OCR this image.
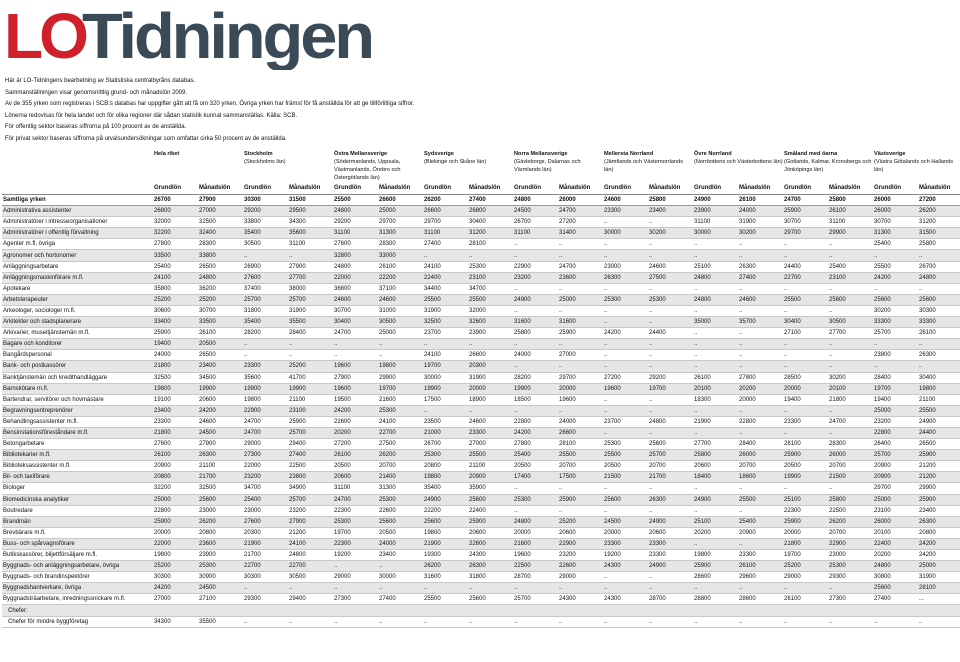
LO
Tidningen
Här är LO-Tidningens bearbetning av Statistiska centralbyråns databas.
Sammanställningen visar genomsnittlig grund- och månadslön 2009.
Av de 355 yrken som registreras i SCB:s databas har uppgifter gått att få om 320 yrken. Övriga yrken har främst för få anställda för att ge tillförlitliga siffror.
Lönerna redovisas för hela landet och för olika regioner där sådan statistik kunnat sammanställas. Källa: SCB.
För offentlig sektor baseras siffrorna på 100 procent av de anställda.
För privat sektor baseras siffrorna på urvalsundersökningar som omfattar cirka 50 procent av de anställda.

	Hela riket		Stockholm
(Stockholms län)		Östra Mellansverige
(Södermanlands, Uppsala, Västmanlands, Örebro och Östergötlands län)		Sydsverige
(Blekinge och Skåne län)		Norra Mellansverige
(Gävleborgs, Dalarnas och Värmlands län)		Mellersta Norrland
(Jämtlands och Västernorrlands län)		Övre Norrland
(Norrbottens och Västerbottens län)		Småland med öarna
(Gotlands, Kalmar, Kronobergs och Jönköpings län)		Västsverige
(Västra Götalands och Hallands län)	
	Grundlön	Månadslön	Grundlön	Månadslön	Grundlön	Månadslön	Grundlön	Månadslön	Grundlön	Månadslön	Grundlön	Månadslön	Grundlön	Månadslön	Grundlön	Månadslön	Grundlön	Månadslön
Samtliga yrken	26700	27900	30300	31500	25500	26600	26200	27400	24800	26000	24600	25800	24900	26100	24700	25800	26000	27200
Administrativa assistenter	26800	27000	29200	29500	24800	25000	26600	26800	24500	24700	23300	23400	23900	24000	25900	26100	26000	26200
Administratörer i intresseorganisationer	32000	32500	33800	34300	29200	29700	29700	30400	26700	27200	..	..	31100	31900	30700	31100	30700	31200
Administratörer i offentlig förvaltning	32200	32400	35400	35600	31100	31300	31100	31200	31100	31400	30000	30200	30000	30200	29700	29900	31300	31500
Agenter m.fl, övriga	27800	28300	30500	31100	27600	28300	27400	28100	..	..	..	..	..	..	..	..	25400	25800
Agronomer och hortonomer	33500	33800	..	..	32800	33000	..	..	..	..	..	..	..	..	..	..	..	..
Anläggningsarbetare	25400	26500	26900	27900	24800	26100	24100	25300	22900	24700	23000	24600	25100	26300	24400	25400	25500	26700
Anläggningsmaskinförare m.fl.	24100	24800	27600	27700	22000	22200	22400	23100	23200	23600	26300	27500	24800	27400	22700	23100	24200	24800
Apotekare	35800	36200	37400	38000	36800	37100	34400	34700	..	..	..	..	..	..	..	..	..	..
Arbetsterapeuter	25200	25200	25700	25700	24600	24600	25500	25500	24900	25000	25300	25300	24800	24600	25500	25600	25600	25600
Arkeologer, sociologer m.fl.	30600	30700	31800	31900	30700	31000	31900	32000	..	..	..	..	..	..	..	..	30200	30300
Arkitekter och stadsplanerare	33400	33500	35400	35500	30400	30500	32500	32600	31600	31600	..	..	35000	35700	30400	30500	33300	33300
Arkivarier, museitjänstemän m.fl.	25900	26100	28200	28400	24700	25000	23700	23900	25800	25900	24200	24400	..	..	27100	27700	25700	26100
Bagare och konditorer	19400	20500	..	..	..	..	..	..	..	..	..	..	..	..	..	..	..	..
Bangårdspersonal	24000	26500	..	..	..	..	24100	26600	24000	27000	..	..	..	..	..	..	23800	26300
Bank- och postkassörer	21800	23400	23300	25200	19600	19800	19700	20300	..	..	..	..	..	..	..	..	..	..
Banktjänstemän och kredithandläggare	32500	34500	35600	41700	27900	29900	30000	31900	28200	29700	27200	29200	26100	27800	28500	30200	28400	30400
Barnskötare m.fl.	19800	19900	19900	19900	19600	19700	19900	20000	19900	20000	19600	19700	20100	20200	20000	20100	19700	19800
Bartendrar, servitörer och hovmästare	19100	20600	19800	21100	19500	21600	17500	18900	18500	19600	..	..	18300	20000	19400	21800	19400	21100
Begravningsentreprenörer	23400	24200	22900	23100	24200	25300	..	..	..	..	..	..	..	..	..	..	25000	25500
Behandlingsassistenter m.fl.	23300	24600	24700	25900	22600	24100	23500	24600	22800	24000	23700	24800	21900	22800	23300	24700	23200	24900
Bensinstationsföreståndare m.fl.	21800	24500	24700	25700	20200	22700	21000	23300	24200	26600	..	..	..	..	..	..	22800	24400
Betongarbetare	27600	27900	29000	29400	27200	27500	26700	27000	27800	28100	25300	25600	27700	28400	28100	28300	26400	26500
Bibliotekarier m.fl.	26100	26300	27300	27400	26100	26200	25300	25500	25400	25500	25500	25700	25800	26000	25900	26000	25700	25900
Biblioteksassistenter m.fl.	20900	21100	22000	22500	20500	20700	20800	21100	20500	20700	20500	20700	20600	20700	20500	20700	20900	21200
Bil- och taxiförare	20800	21700	23200	23800	20600	21400	19800	20900	17400	17500	21500	21700	18400	18600	19900	21500	20900	21200
Biologer	32200	32500	34700	34900	31100	31300	35400	35900	..	..	..	..	..	..	..	..	29700	29900
Biomedicinska analytiker	25000	25600	25400	25700	24700	25300	24900	25600	25300	25900	25600	26300	24900	25500	25100	25800	25000	25900
Boutredare	22800	23000	23000	23200	22300	22600	22200	22400	..	..	..	..	..	..	22300	22500	23100	23400
Brandmän	25900	26200	27600	27900	25300	25600	25600	25900	24800	25200	24500	24900	25100	25400	25900	26200	26000	26300
Brevbärare m.fl.	20000	20800	20300	21200	19700	20500	19800	20600	20000	20600	20000	20600	20200	20900	20000	20700	20100	20800
Buss- och spårvagnsförare	22000	23600	21900	24100	22300	24000	21900	22600	21600	22900	23300	23300	..	..	21800	22900	22400	24200
Butikskassörer, biljettförsäljare m.fl.	19800	23900	21700	24800	19200	23400	19300	24300	19600	23200	19200	23300	19800	23300	19700	23000	20200	24200
Byggnads- och anläggningsarbetare, övriga	25200	25300	22700	22700	..	..	26200	26300	22500	22600	24300	24900	25900	26100	25200	25300	24800	25000
Byggnads- och brandinspektörer	30300	30900	30300	30500	29000	30000	31600	31800	28700	29000	..	..	28600	29600	29000	29300	30800	31900
Byggnadshantverkare, övriga	24200	24500	..	..	..	..	..	..	..	..	..	..	..	..	..	..	25600	28100
Byggnadsträarbetare, inredningssnickare m.fl.	27000	27100	29300	29400	27300	27400	25500	25600	25700	24300	24300	28700	28800	28600	26100	27300	27400	...
Chefer:																		
Chefer för mindre byggföretag	34300	35500	..	..	..	..	..	..	..	..	..	..	..	..	..	..	..	..
